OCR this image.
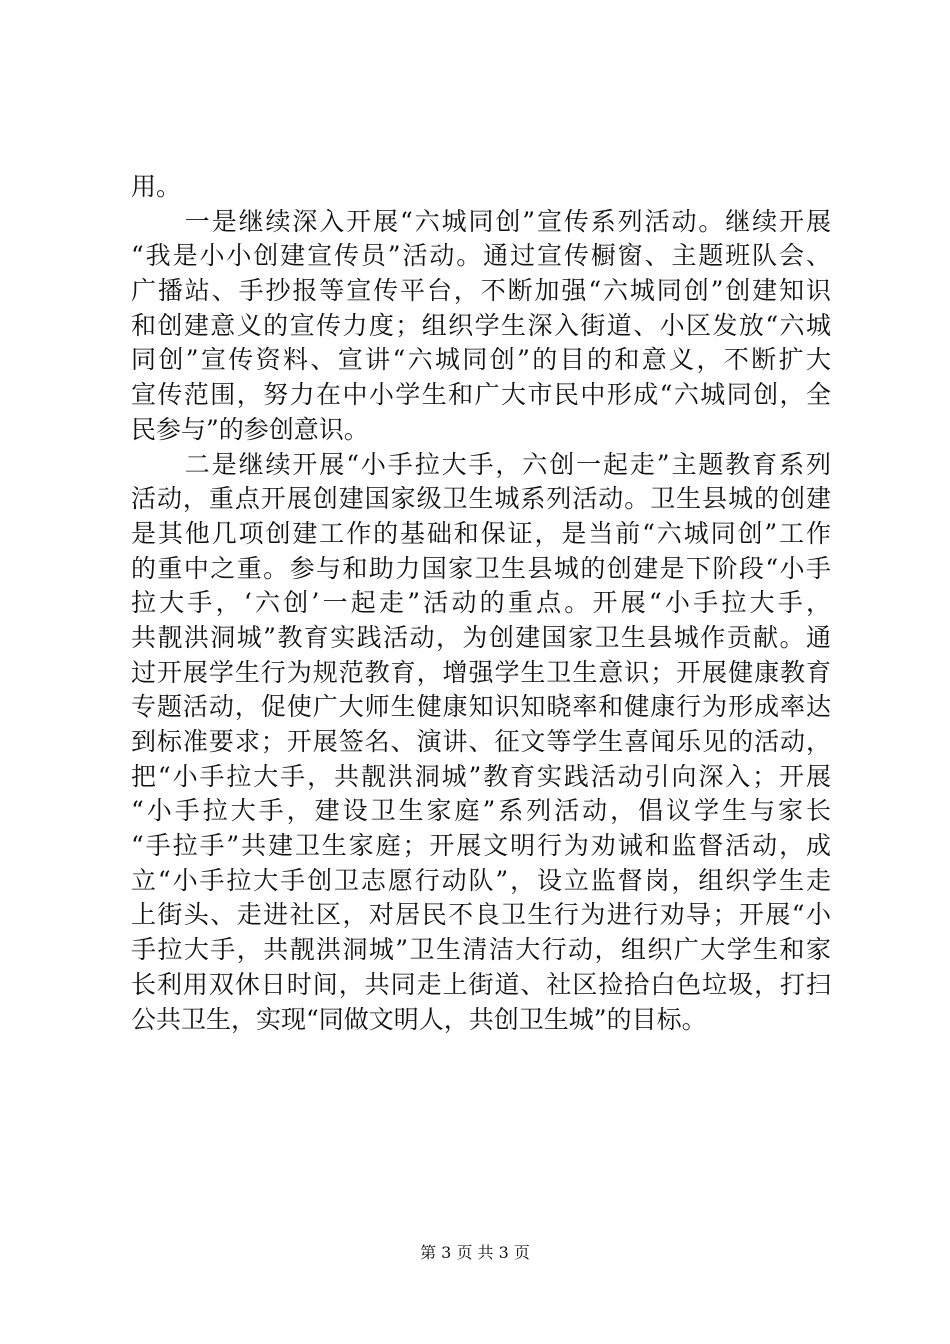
用。
　　一是继续深入开展“六城同创”宣传系列活动。继续开展
“我是小小创建宣传员”活动。通过宣传橱窗、主题班队会、
广播站、手抄报等宣传平台，不断加强“六城同创”创建知识
和创建意义的宣传力度；组织学生深入街道、小区发放“六城
同创”宣传资料、宣讲“六城同创”的目的和意义，不断扩大
宣传范围，努力在中小学生和广大市民中形成“六城同创，全
民参与”的参创意识。
　　二是继续开展“小手拉大手，六创一起走”主题教育系列
活动，重点开展创建国家级卫生城系列活动。卫生县城的创建
是其他几项创建工作的基础和保证，是当前“六城同创”工作
的重中之重。参与和助力国家卫生县城的创建是下阶段“小手
拉大手，‘六创’一起走”活动的重点。开展“小手拉大手，
共靓洪洞城”教育实践活动，为创建国家卫生县城作贡献。通
过开展学生行为规范教育，增强学生卫生意识；开展健康教育
专题活动，促使广大师生健康知识知晓率和健康行为形成率达
到标准要求；开展签名、演讲、征文等学生喜闻乐见的活动，
把“小手拉大手，共靓洪洞城”教育实践活动引向深入；开展
“小手拉大手，建设卫生家庭”系列活动，倡议学生与家长
“手拉手”共建卫生家庭；开展文明行为劝诫和监督活动，成
立“小手拉大手创卫志愿行动队”，设立监督岗，组织学生走
上街头、走进社区，对居民不良卫生行为进行劝导；开展“小
手拉大手，共靓洪洞城”卫生清洁大行动，组织广大学生和家
长利用双休日时间，共同走上街道、社区捡拾白色垃圾，打扫
公共卫生，实现“同做文明人，共创卫生城”的目标。
第 3 页 共 3 页
